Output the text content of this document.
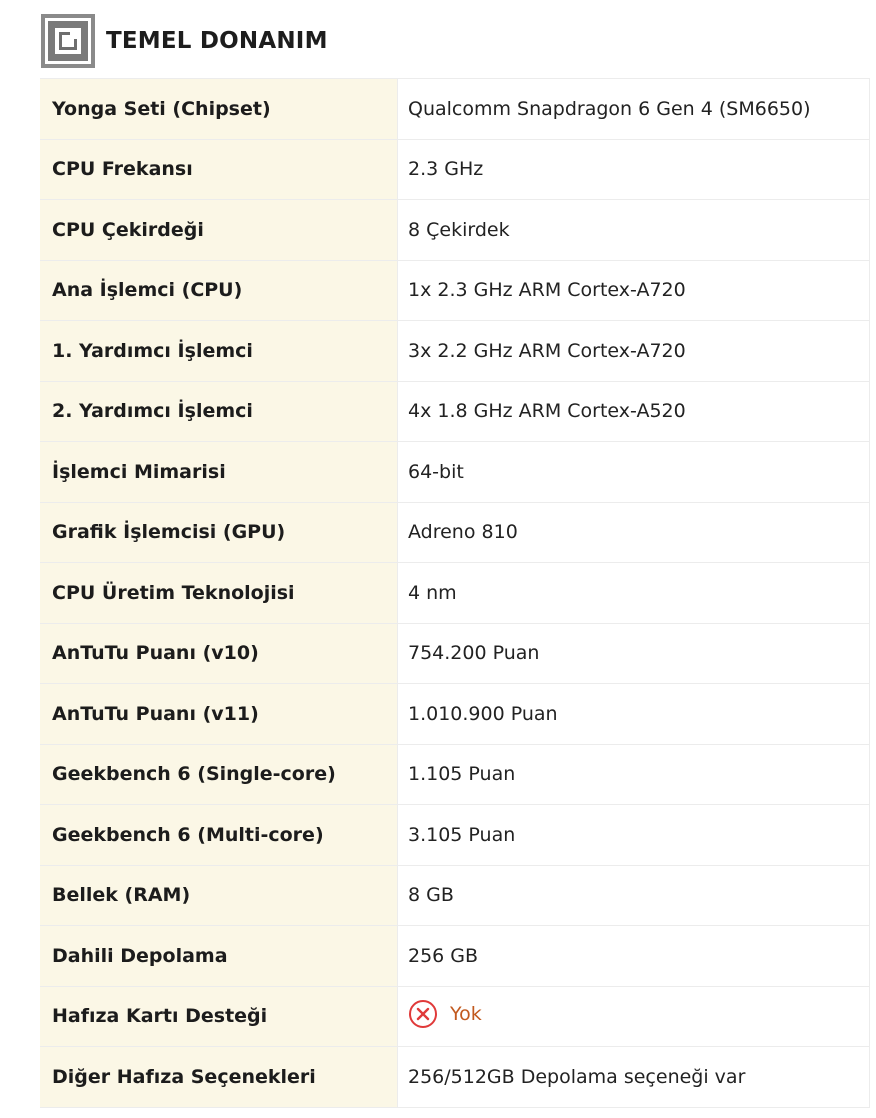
TEMEL DONANIM
Yonga Seti (Chipset)	Qualcomm Snapdragon 6 Gen 4 (SM6650)
CPU Frekansı	2.3 GHz
CPU Çekirdeği	8 Çekirdek
Ana İşlemci (CPU)	1x 2.3 GHz ARM Cortex-A720
1. Yardımcı İşlemci	3x 2.2 GHz ARM Cortex-A720
2. Yardımcı İşlemci	4x 1.8 GHz ARM Cortex-A520
İşlemci Mimarisi	64-bit
Grafik İşlemcisi (GPU)	Adreno 810
CPU Üretim Teknolojisi	4 nm
AnTuTu Puanı (v10)	754.200 Puan
AnTuTu Puanı (v11)	1.010.900 Puan
Geekbench 6 (Single-core)	1.105 Puan
Geekbench 6 (Multi-core)	3.105 Puan
Bellek (RAM)	8 GB
Dahili Depolama	256 GB
Hafıza Kartı Desteği	Yok

Diğer Hafıza Seçenekleri	256/512GB Depolama seçeneği var
